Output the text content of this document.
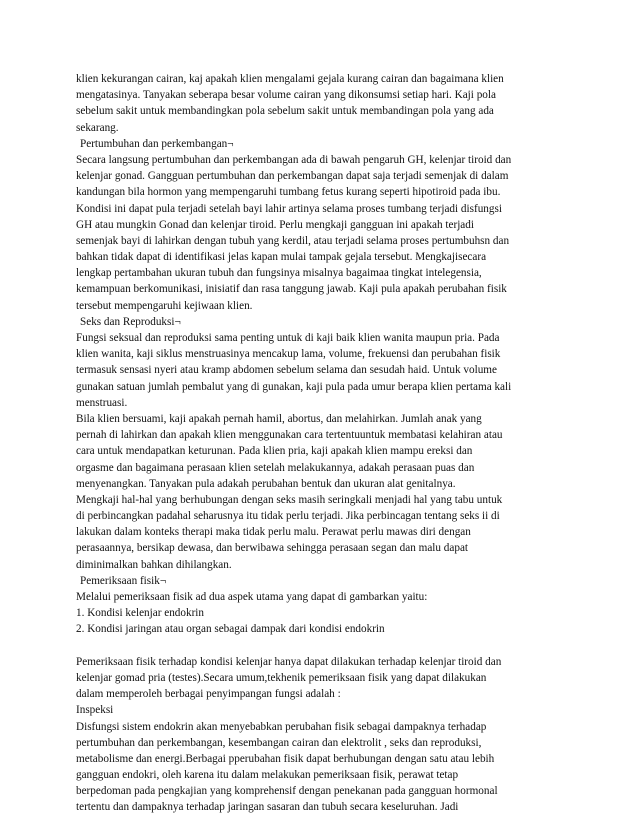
klien kekurangan cairan, kaj apakah klien mengalami gejala kurang cairan dan bagaimana klien
mengatasinya. Tanyakan seberapa besar volume cairan yang dikonsumsi setiap hari. Kaji pola
sebelum sakit untuk membandingkan pola sebelum sakit untuk membandingan pola yang ada
sekarang.
Pertumbuhan dan perkembangan¬
Secara langsung pertumbuhan dan perkembangan ada di bawah pengaruh GH, kelenjar tiroid dan
kelenjar gonad. Gangguan pertumbuhan dan perkembangan dapat saja terjadi semenjak di dalam
kandungan bila hormon yang mempengaruhi tumbang fetus kurang seperti hipotiroid pada ibu.
Kondisi ini dapat pula terjadi setelah bayi lahir artinya selama proses tumbang terjadi disfungsi
GH atau mungkin Gonad dan kelenjar tiroid. Perlu mengkaji gangguan ini apakah terjadi
semenjak bayi di lahirkan dengan tubuh yang kerdil, atau terjadi selama proses pertumbuhsn dan
bahkan tidak dapat di identifikasi jelas kapan mulai tampak gejala tersebut. Mengkajisecara
lengkap pertambahan ukuran tubuh dan fungsinya misalnya bagaimaa tingkat intelegensia,
kemampuan berkomunikasi, inisiatif dan rasa tanggung jawab. Kaji pula apakah perubahan fisik
tersebut mempengaruhi kejiwaan klien.
Seks dan Reproduksi¬
Fungsi seksual dan reproduksi sama penting untuk di kaji baik klien wanita maupun pria. Pada
klien wanita, kaji siklus menstruasinya mencakup lama, volume, frekuensi dan perubahan fisik
termasuk sensasi nyeri atau kramp abdomen sebelum selama dan sesudah haid. Untuk volume
gunakan satuan jumlah pembalut yang di gunakan, kaji pula pada umur berapa klien pertama kali
menstruasi.
Bila klien bersuami, kaji apakah pernah hamil, abortus, dan melahirkan. Jumlah anak yang
pernah di lahirkan dan apakah klien menggunakan cara tertentuuntuk membatasi kelahiran atau
cara untuk mendapatkan keturunan. Pada klien pria, kaji apakah klien mampu ereksi dan
orgasme dan bagaimana perasaan klien setelah melakukannya, adakah perasaan puas dan
menyenangkan. Tanyakan pula adakah perubahan bentuk dan ukuran alat genitalnya.
Mengkaji hal-hal yang berhubungan dengan seks masih seringkali menjadi hal yang tabu untuk
di perbincangkan padahal seharusnya itu tidak perlu terjadi. Jika perbincagan tentang seks ii di
lakukan dalam konteks therapi maka tidak perlu malu. Perawat perlu mawas diri dengan
perasaannya, bersikap dewasa, dan berwibawa sehingga perasaan segan dan malu dapat
diminimalkan bahkan dihilangkan.
Pemeriksaan fisik¬
Melalui pemeriksaan fisik ad dua aspek utama yang dapat di gambarkan yaitu:
1. Kondisi kelenjar endokrin
2. Kondisi jaringan atau organ sebagai dampak dari kondisi endokrin
Pemeriksaan fisik terhadap kondisi kelenjar hanya dapat dilakukan terhadap kelenjar tiroid dan
kelenjar gomad pria (testes).Secara umum,tekhenik pemeriksaan fisik yang dapat dilakukan
dalam memperoleh berbagai penyimpangan fungsi adalah :
Inspeksi
Disfungsi sistem endokrin akan menyebabkan perubahan fisik sebagai dampaknya terhadap
pertumbuhan dan perkembangan, kesembangan cairan dan elektrolit , seks dan reproduksi,
metabolisme dan energi.Berbagai pperubahan fisik dapat berhubungan dengan satu atau lebih
gangguan endokri, oleh karena itu dalam melakukan pemeriksaan fisik, perawat tetap
berpedoman pada pengkajian yang komprehensif dengan penekanan pada gangguan hormonal
tertentu dan dampaknya terhadap jaringan sasaran dan tubuh secara keseluruhan. Jadi
